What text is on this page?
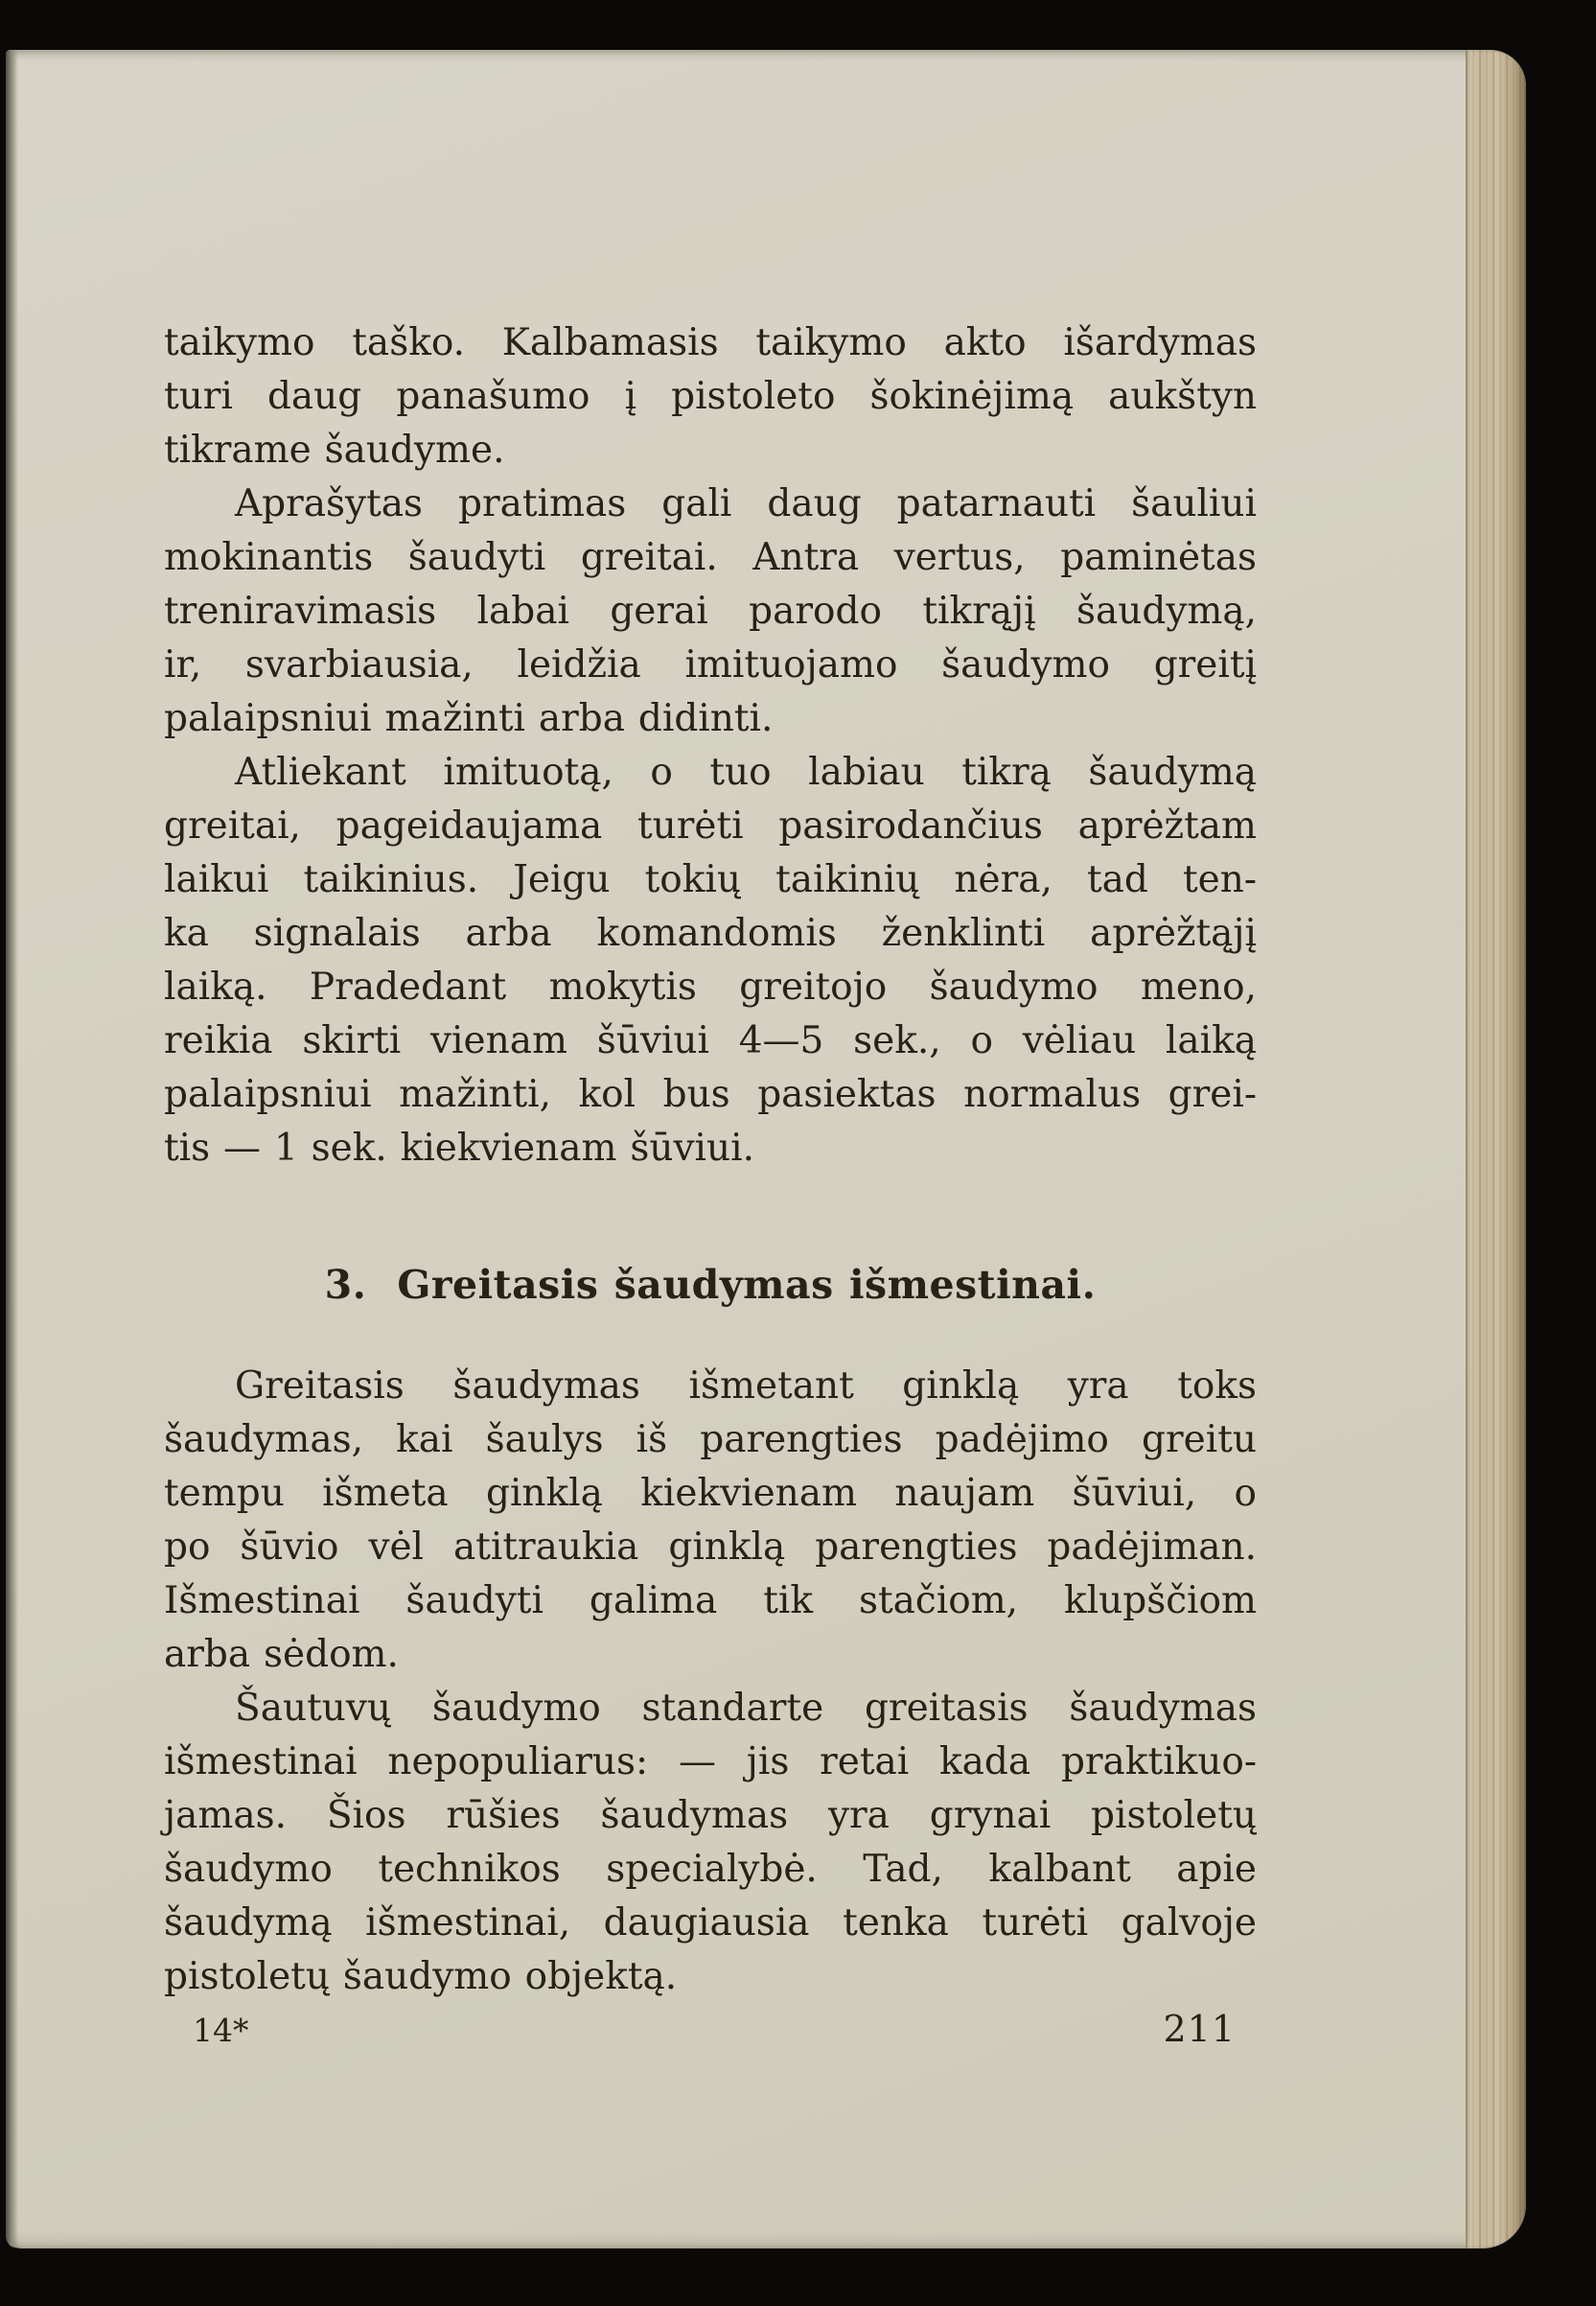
taikymo taško. Kalbamasis taikymo akto išardymas
turi daug panašumo į pistoleto šokinėjimą aukštyn
tikrame šaudyme.
Aprašytas pratimas gali daug patarnauti šauliui
mokinantis šaudyti greitai. Antra vertus, paminėtas
treniravimasis labai gerai parodo tikrąjį šaudymą,
ir, svarbiausia, leidžia imituojamo šaudymo greitį
palaipsniui mažinti arba didinti.
Atliekant imituotą, o tuo labiau tikrą šaudymą
greitai, pageidaujama turėti pasirodančius aprėžtam
laikui taikinius. Jeigu tokių taikinių nėra, tad ten-
ka signalais arba komandomis ženklinti aprėžtąjį
laiką. Pradedant mokytis greitojo šaudymo meno,
reikia skirti vienam šūviui 4—5 sek., o vėliau laiką
palaipsniui mažinti, kol bus pasiektas normalus grei-
tis — 1 sek. kiekvienam šūviui.
3. Greitasis šaudymas išmestinai.
Greitasis šaudymas išmetant ginklą yra toks
šaudymas, kai šaulys iš parengties padėjimo greitu
tempu išmeta ginklą kiekvienam naujam šūviui, o
po šūvio vėl atitraukia ginklą parengties padėjiman.
Išmestinai šaudyti galima tik stačiom, klupščiom
arba sėdom.
Šautuvų šaudymo standarte greitasis šaudymas
išmestinai nepopuliarus: — jis retai kada praktikuo-
jamas. Šios rūšies šaudymas yra grynai pistoletų
šaudymo technikos specialybė. Tad, kalbant apie
šaudymą išmestinai, daugiausia tenka turėti galvoje
pistoletų šaudymo objektą.
14*	211
